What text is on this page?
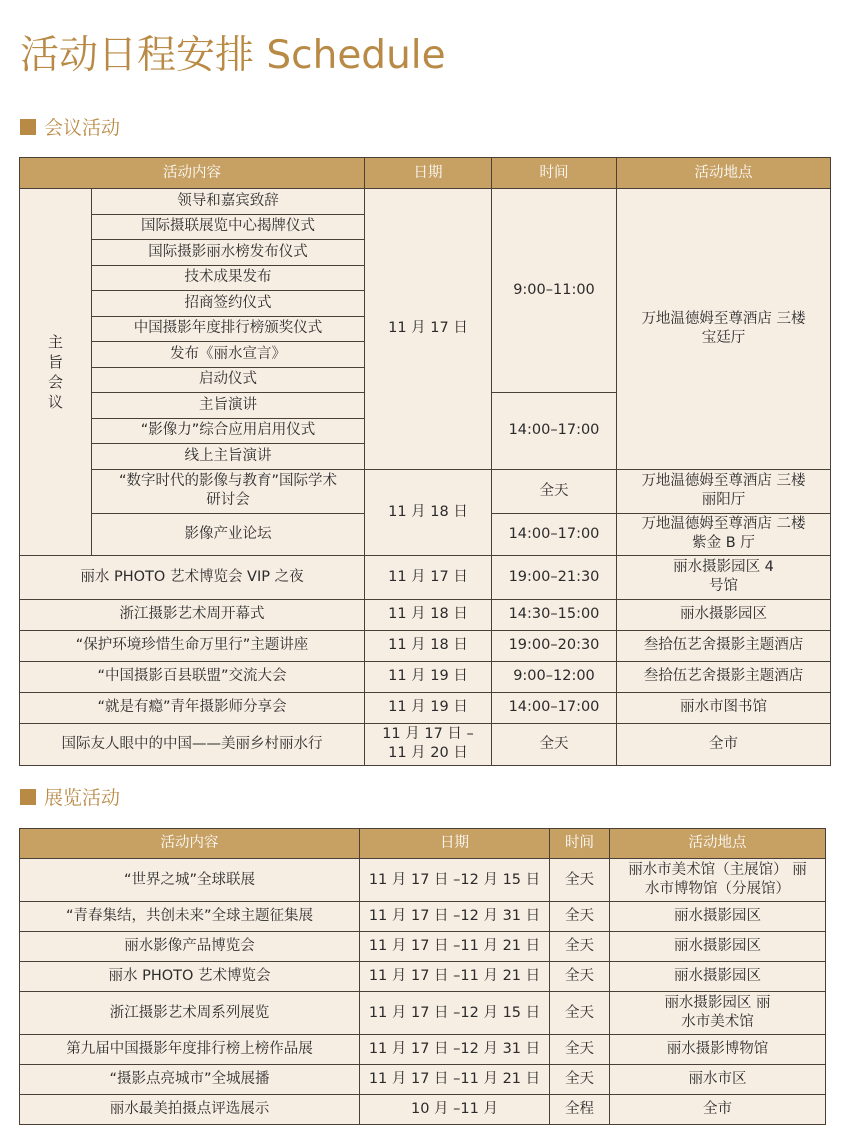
活动日程安排 Schedule
会议活动
活动内容		日期	时间	活动地点

主旨会议	领导和嘉宾致辞	11 月 17 日	9:00–11:00	万地温德姆至尊酒店 三楼宝廷厅

	国际摄联展览中心揭牌仪式			
	国际摄影丽水榜发布仪式			
	技术成果发布			
	招商签约仪式			
	中国摄影年度排行榜颁奖仪式			
	发布《丽水宣言》			
	启动仪式			
	主旨演讲		14:00–17:00	
	“影像力”综合应用启用仪式			
	线上主旨演讲			

	“数字时代的影像与教育”国际学术研讨会	11 月 18 日	全天	万地温德姆至尊酒店 三楼丽阳厅

	影像产业论坛		14:00–17:00	万地温德姆至尊酒店 二楼紫金 B 厅

丽水 PHOTO 艺术博览会 VIP 之夜		11 月 17 日	19:00–21:30	丽水摄影园区 4 号馆

浙江摄影艺术周开幕式		11 月 18 日	14:30–15:00	丽水摄影园区
“保护环境珍惜生命万里行”主题讲座		11 月 18 日	19:00–20:30	叁拾伍艺舍摄影主题酒店
“中国摄影百县联盟”交流大会		11 月 19 日	9:00–12:00	叁拾伍艺舍摄影主题酒店
“就是有瘾”青年摄影师分享会		11 月 19 日	14:00–17:00	丽水市图书馆
国际友人眼中的中国——美丽乡村丽水行		11 月 17 日 – 11 月 20 日	全天	全市
展览活动
活动内容	日期	时间	活动地点
“世界之城”全球联展	11 月 17 日 –12 月 15 日	全天	丽水市美术馆（主展馆） 丽水市博物馆（分展馆）

“青春集结，共创未来”全球主题征集展	11 月 17 日 –12 月 31 日	全天	丽水摄影园区
丽水影像产品博览会	11 月 17 日 –11 月 21 日	全天	丽水摄影园区
丽水 PHOTO 艺术博览会	11 月 17 日 –11 月 21 日	全天	丽水摄影园区
浙江摄影艺术周系列展览	11 月 17 日 –12 月 15 日	全天	丽水摄影园区 丽水市美术馆

第九届中国摄影年度排行榜上榜作品展	11 月 17 日 –12 月 31 日	全天	丽水摄影博物馆
“摄影点亮城市”全城展播	11 月 17 日 –11 月 21 日	全天	丽水市区
丽水最美拍摄点评选展示	10 月 –11 月	全程	全市
